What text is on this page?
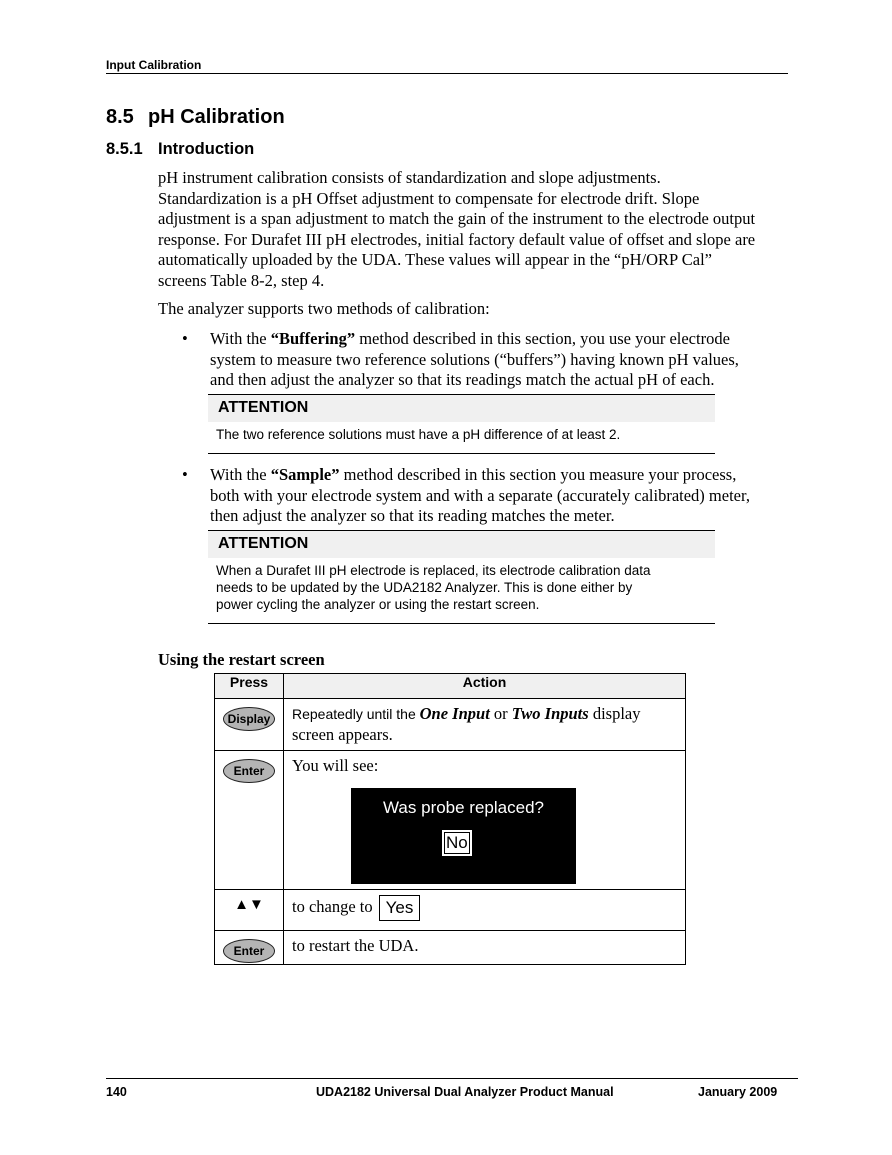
Input Calibration
8.5 pH Calibration
8.5.1 Introduction

pH instrument calibration consists of standardization and slope adjustments.
Standardization is a pH Offset adjustment to compensate for electrode drift. Slope
adjustment is a span adjustment to match the gain of the instrument to the electrode output
response. For Durafet III pH electrodes, initial factory default value of offset and slope are
automatically uploaded by the UDA. These values will appear in the “pH/ORP Cal”
screens Table 8-2, step 4.

The analyzer supports two methods of calibration:

• With the “Buffering” method described in this section, you use your electrode
system to measure two reference solutions (“buffers”) having known pH values,
and then adjust the analyzer so that its readings match the actual pH of each.
ATTENTION
The two reference solutions must have a pH difference of at least 2.
• With the “Sample” method described in this section you measure your process,
both with your electrode system and with a separate (accurately calibrated) meter,
then adjust the analyzer so that its reading matches the meter.
ATTENTION
When a Durafet III pH electrode is replaced, its electrode calibration data
needs to be updated by the UDA2182 Analyzer. This is done either by
power cycling the analyzer or using the restart screen.
Using the restart screen
Press	Action
Display	Repeatedly until the One Input or Two Inputs display
screen appears.
Enter	You will see:
Was probe replaced?
No

▲▼	to change to Yes
Enter	to restart the UDA.
140	UDA2182 Universal Dual Analyzer Product Manual	January 2009
